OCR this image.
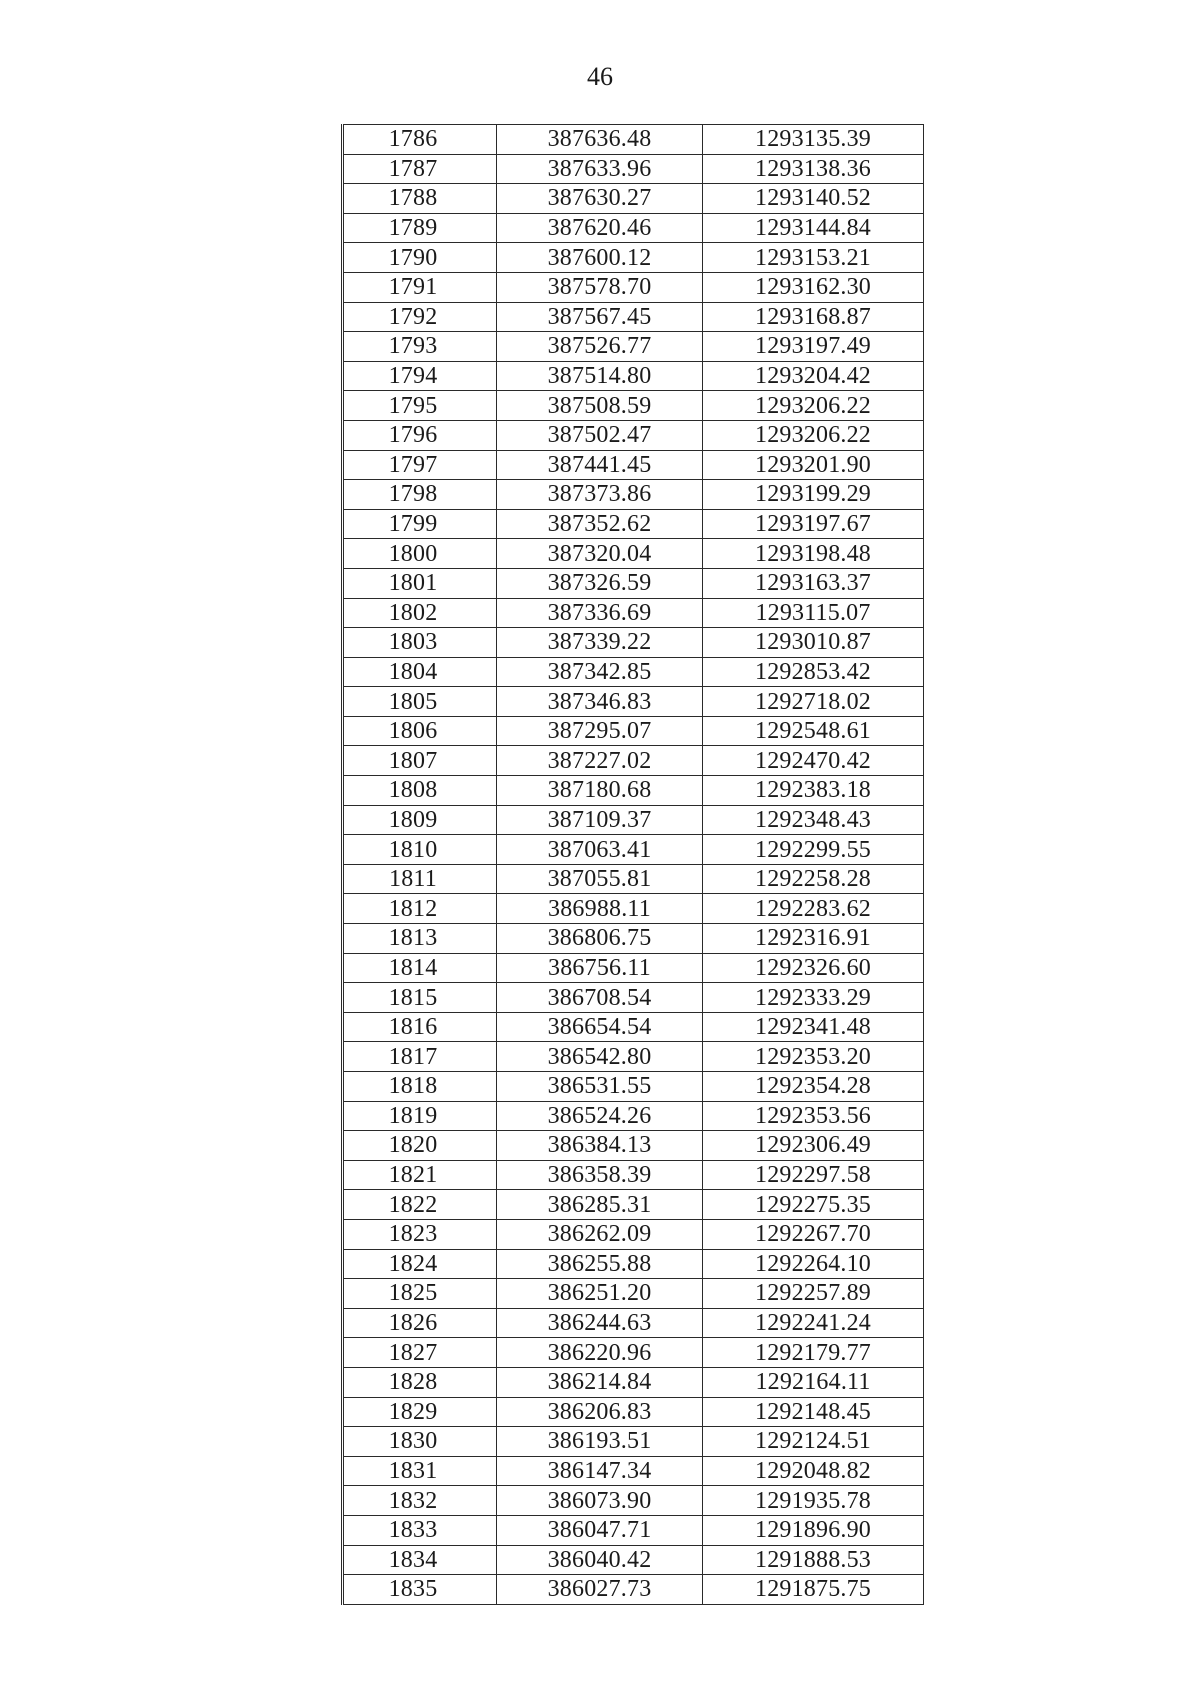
46
1786	387636.48	1293135.39
1787	387633.96	1293138.36
1788	387630.27	1293140.52
1789	387620.46	1293144.84
1790	387600.12	1293153.21
1791	387578.70	1293162.30
1792	387567.45	1293168.87
1793	387526.77	1293197.49
1794	387514.80	1293204.42
1795	387508.59	1293206.22
1796	387502.47	1293206.22
1797	387441.45	1293201.90
1798	387373.86	1293199.29
1799	387352.62	1293197.67
1800	387320.04	1293198.48
1801	387326.59	1293163.37
1802	387336.69	1293115.07
1803	387339.22	1293010.87
1804	387342.85	1292853.42
1805	387346.83	1292718.02
1806	387295.07	1292548.61
1807	387227.02	1292470.42
1808	387180.68	1292383.18
1809	387109.37	1292348.43
1810	387063.41	1292299.55
1811	387055.81	1292258.28
1812	386988.11	1292283.62
1813	386806.75	1292316.91
1814	386756.11	1292326.60
1815	386708.54	1292333.29
1816	386654.54	1292341.48
1817	386542.80	1292353.20
1818	386531.55	1292354.28
1819	386524.26	1292353.56
1820	386384.13	1292306.49
1821	386358.39	1292297.58
1822	386285.31	1292275.35
1823	386262.09	1292267.70
1824	386255.88	1292264.10
1825	386251.20	1292257.89
1826	386244.63	1292241.24
1827	386220.96	1292179.77
1828	386214.84	1292164.11
1829	386206.83	1292148.45
1830	386193.51	1292124.51
1831	386147.34	1292048.82
1832	386073.90	1291935.78
1833	386047.71	1291896.90
1834	386040.42	1291888.53
1835	386027.73	1291875.75
